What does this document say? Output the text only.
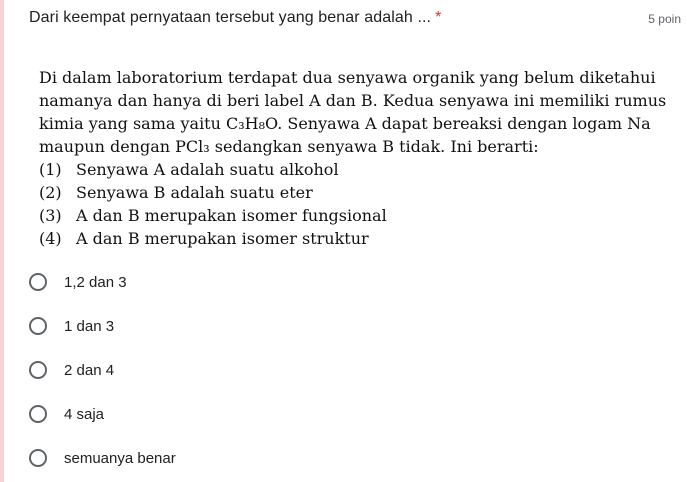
Dari keempat pernyataan tersebut yang benar adalah ... *	5 poin

Di dalam laboratorium terdapat dua senyawa organik yang belum diketahui

namanya dan hanya di beri label A dan B. Kedua senyawa ini memiliki rumus

kimia yang sama yaitu C₃H₈O. Senyawa A dapat bereaksi dengan logam Na

maupun dengan PCl₃ sedangkan senyawa B tidak. Ini berarti:

(1) Senyawa A adalah suatu alkohol
(2) Senyawa B adalah suatu eter
(3) A dan B merupakan isomer fungsional
(4) A dan B merupakan isomer struktur
1,2 dan 3
1 dan 3
2 dan 4
4 saja
semuanya benar
